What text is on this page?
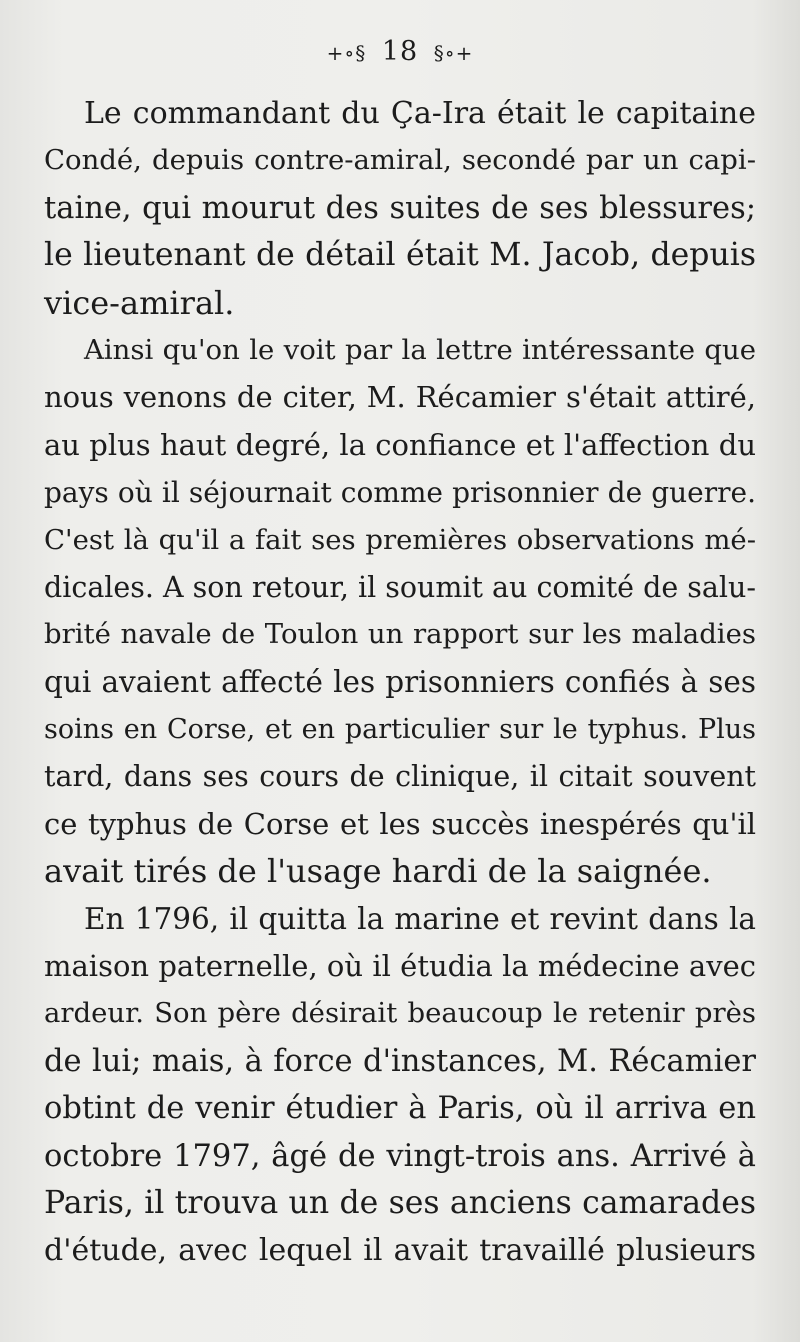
+∘§ 18 §∘+
Le commandant du Ça-Ira était le capitaine
Condé, depuis contre-amiral, secondé par un capi-
taine, qui mourut des suites de ses blessures;
le lieutenant de détail était M. Jacob, depuis
vice-amiral.
Ainsi qu'on le voit par la lettre intéressante que
nous venons de citer, M. Récamier s'était attiré,
au plus haut degré, la confiance et l'affection du
pays où il séjournait comme prisonnier de guerre.
C'est là qu'il a fait ses premières observations mé-
dicales. A son retour, il soumit au comité de salu-
brité navale de Toulon un rapport sur les maladies
qui avaient affecté les prisonniers confiés à ses
soins en Corse, et en particulier sur le typhus. Plus
tard, dans ses cours de clinique, il citait souvent
ce typhus de Corse et les succès inespérés qu'il
avait tirés de l'usage hardi de la saignée.
En 1796, il quitta la marine et revint dans la
maison paternelle, où il étudia la médecine avec
ardeur. Son père désirait beaucoup le retenir près
de lui; mais, à force d'instances, M. Récamier
obtint de venir étudier à Paris, où il arriva en
octobre 1797, âgé de vingt-trois ans. Arrivé à
Paris, il trouva un de ses anciens camarades
d'étude, avec lequel il avait travaillé plusieurs
